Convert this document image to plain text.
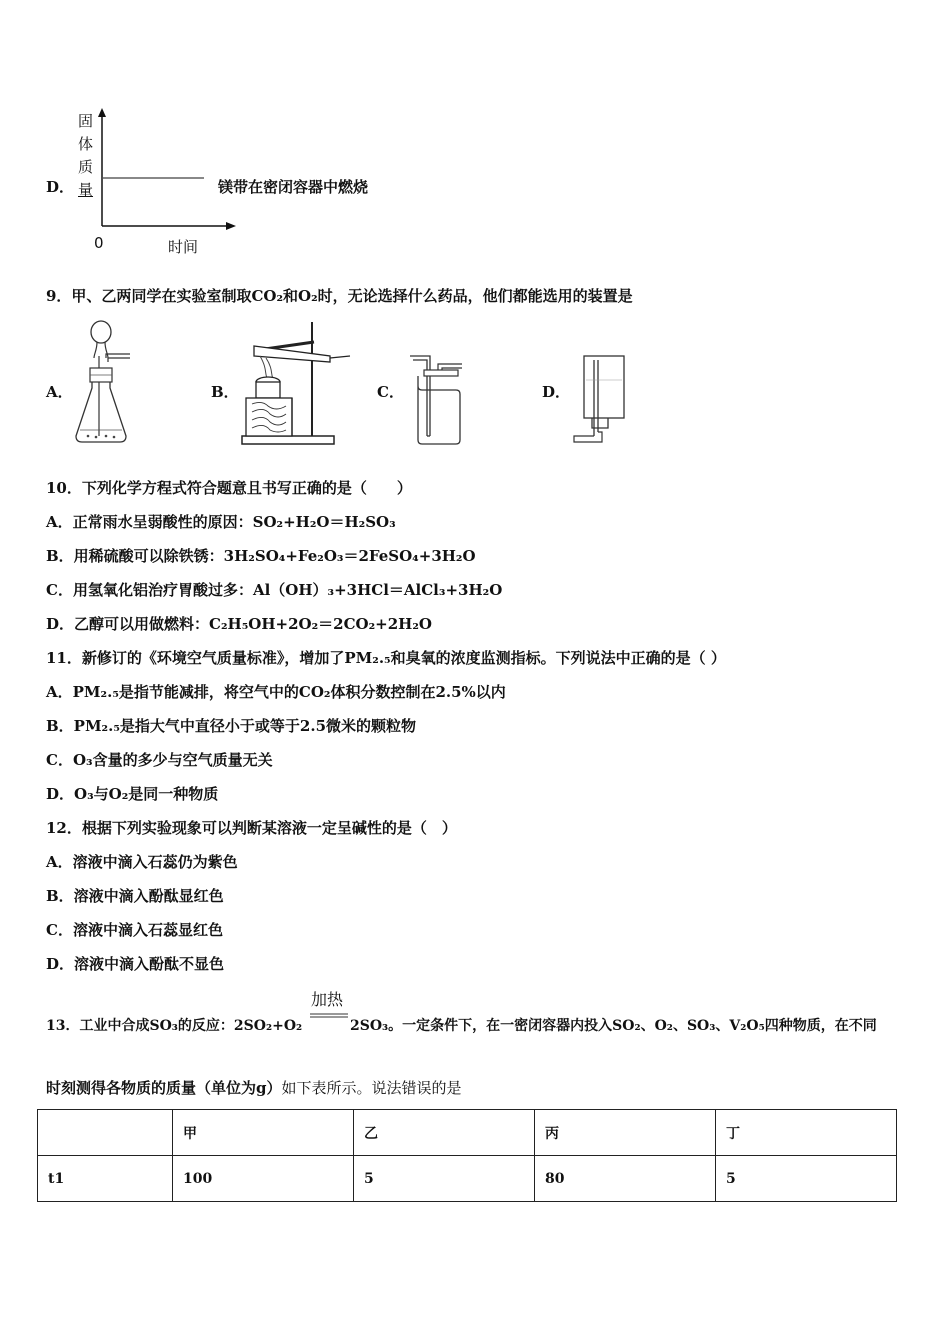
D．
固
体
质
量
0	时间
镁带在密闭容器中燃烧
9．甲、乙两同学在实验室制取CO₂和O₂时，无论选择什么药品，他们都能选用的装置是
A．	B．	C．	D．
10．下列化学方程式符合题意且书写正确的是（　　）
A．正常雨水呈弱酸性的原因：SO₂+H₂O＝H₂SO₃
B．用稀硫酸可以除铁锈：3H₂SO₄+Fe₂O₃＝2FeSO₄+3H₂O
C．用氢氧化铝治疗胃酸过多：Al（OH）₃+3HCl＝AlCl₃+3H₂O
D．乙醇可以用做燃料：C₂H₅OH+2O₂＝2CO₂+2H₂O
11．新修订的《环境空气质量标准》，增加了PM₂.₅和臭氧的浓度监测指标。下列说法中正确的是（ ）
A．PM₂.₅是指节能减排，将空气中的CO₂体积分数控制在2.5%以内
B．PM₂.₅是指大气中直径小于或等于2.5微米的颗粒物
C．O₃含量的多少与空气质量无关
D．O₃与O₂是同一种物质
12．根据下列实验现象可以判断某溶液一定呈碱性的是（　）
A．溶液中滴入石蕊仍为紫色
B．溶液中滴入酚酞显红色
C．溶液中滴入石蕊显红色
D．溶液中滴入酚酞不显色
加热
13．工业中合成SO₃的反应：2SO₂+O₂	2SO₃。一定条件下，在一密闭容器内投入SO₂、O₂、SO₃、V₂O₅四种物质，在不同
时刻测得各物质的质量（单位为g）如下表所示。说法错误的是
	甲	乙	丙	丁
t1	100	5	80	5
